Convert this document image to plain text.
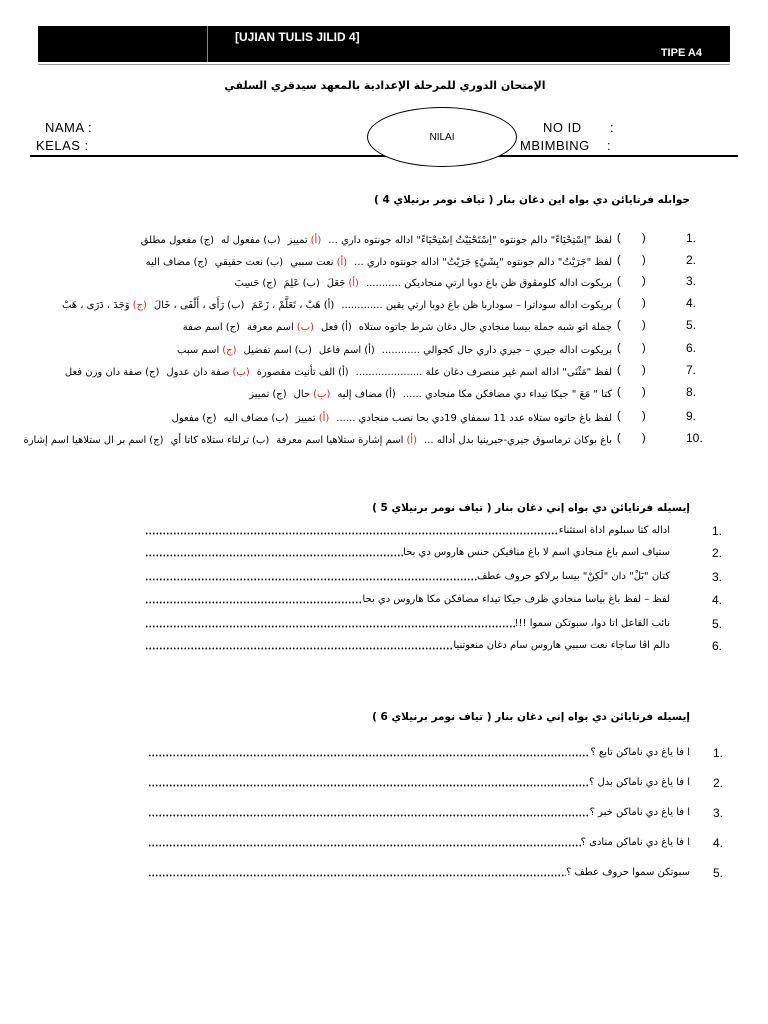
[UJIAN TULIS JILID 4]
TIPE A4
الإمتحان الدوري للمرحلة الإعدادية بالمعهد سيدقري السلفي
NAMA :
KELAS :
NO ID :
MBIMBING :
NILAI
جوابله فرتايائن دي بواه اين دغان بنار ( تياف نومر برنيلاي 4 )
إيسيله فرتايائن دي بواه إني دغان بنار ( تياف نومر برنيلاي 5 )
إيسيله فرتايائن دي بواه إني دغان بنار ( تياف نومر برنيلاي 6 )
1.
(       )
لفظ "اِسْتِحْيَاءً" دالم جونتوه "اِسْتَحْيَيْتُ اِسْتِحْيَاءً" اداله جونتوه داري ...(أ)تمييز(ب)مفعول له(ج)مفعول مطلق
2.
(       )
لفظ "جَرَيْتُ" دالم جونتوه "بِشَيْءٍ جَرَيْتُ" اداله جونتوه داري ...(أ)نعت سببي(ب)نعت حقيقي(ج)مضاف اليه
3.
(       )
بريكوت اداله كلومڤوق ظن باغ دوبا ارتي منجاديكن ...........(أ)جَعَلَ(ب)عَلِمَ(ج)حَسِبَ
4.
(       )
بريكوت اداله سوداترا – سوداربا ظن باغ دوبا ارتي يقين .............(أ)هَبْ ، تَعَلَّمْ ، زَعَمَ(ب)رَأَى ، أَلْفَى ، خَالَ(ج)وَجَدَ ، دَرَى ، هَبْ
5.
(       )
جملة اتو شبه جملة بيسا منجادي حال دغان شرط جاتوه ستلاه(أ)فعل(ب)اسم معرفة(ج)اسم صفة
6.
(       )
بريكوت اداله جيري – جيري داري حال كجوالي ............(أ)اسم فاعل(ب)اسم تفضيل(ج)اسم سبب
7.
(       )
لفظ "مَثْنَى" اداله اسم غير منصرف دغان علة .....................(أ)الف تأنيث مقصورة(ب)صفة دان عدول(ج)صفة دان وزن فعل
8.
(       )
كتا " مَعَ " جيكا تيداء دي مضافكن مكا منجادي ......(أ)مضاف إليه(ب)حال(ج)تمييز
9.
(       )
لفظ باغ جاتوه ستلاه عدد 11 سمفاي 19دي بحا نصب منجادي ......(أ)تمييز(ب)مضاف اليه(ج)مفعول
10.
(       )
باغ بوكان ترماسوق جيري-جيرينيا بدل أداله ...(أ)اسم إشارة ستلاهيا اسم معرفة(ب)ترلتاء ستلاه كاتا أي(ج)اسم بر ال ستلاهيا اسم إشارة
1.
اداله كتا سبلوم اداة استثناء
2.
ستياف اسم باغ منجادي اسم لا باغ منافيكن جنس هاروس دي بحا
3.
كتان "بَلْ" دان "لَكِنْ" بيسا برلاكو حروف عطف
4.
لفظ – لفظ باغ بياسا منجادي ظرف جيكا تيداء مضافكن مكا هاروس دي بحا
5.
نائب الفاعل اتا دوا، سبوتكن سموا !!!
6.
دالم اڤا ساجاء نعت سببي هاروس سام دغان منعوتنيا
1.
ا فا ياغ دي ناماكن تابع ؟
2.
ا فا ياغ دي ناماكن بدل ؟
3.
ا فا ياغ دي ناماكن خبر ؟
4.
ا فا ياغ دي ناماكن منادى ؟
5.
سبوتكن سموا حروف عطف ؟
